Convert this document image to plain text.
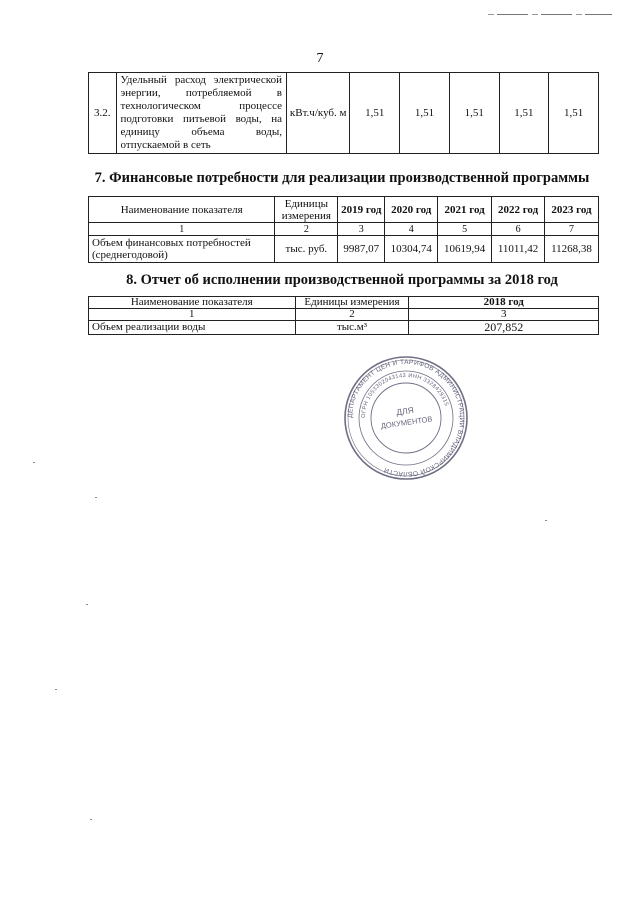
7
3.2.	Удельный расход электрической энергии, потребляемой в технологическом процессе подготовки питьевой воды, на единицу объема воды, отпускаемой в сеть	кВт.ч/куб. м	1,51	1,51	1,51	1,51	1,51
7. Финансовые потребности для реализации производственной программы
Наименование показателя	Единицы измерения	2019 год	2020 год	2021 год	2022 год	2023 год
1	2	3	4	5	6	7
Объем финансовых потребностей (среднегодовой)	тыс. руб.	9987,07	10304,74	10619,94	11011,42	11268,38
8. Отчет об исполнении производственной программы за 2018 год
Наименование показателя	Единицы измерения	2018 год
1	2	3
Объем реализации воды	тыс.м³	207,852
ДЕПАРТАМЕНТ ЦЕН И ТАРИФОВ АДМИНИСТРАЦИИ ВЛАДИМИРСКОЙ ОБЛАСТИ
ОГРН 1053302043143 ИНН 3328429315
ДЛЯ
ДОКУМЕНТОВ
